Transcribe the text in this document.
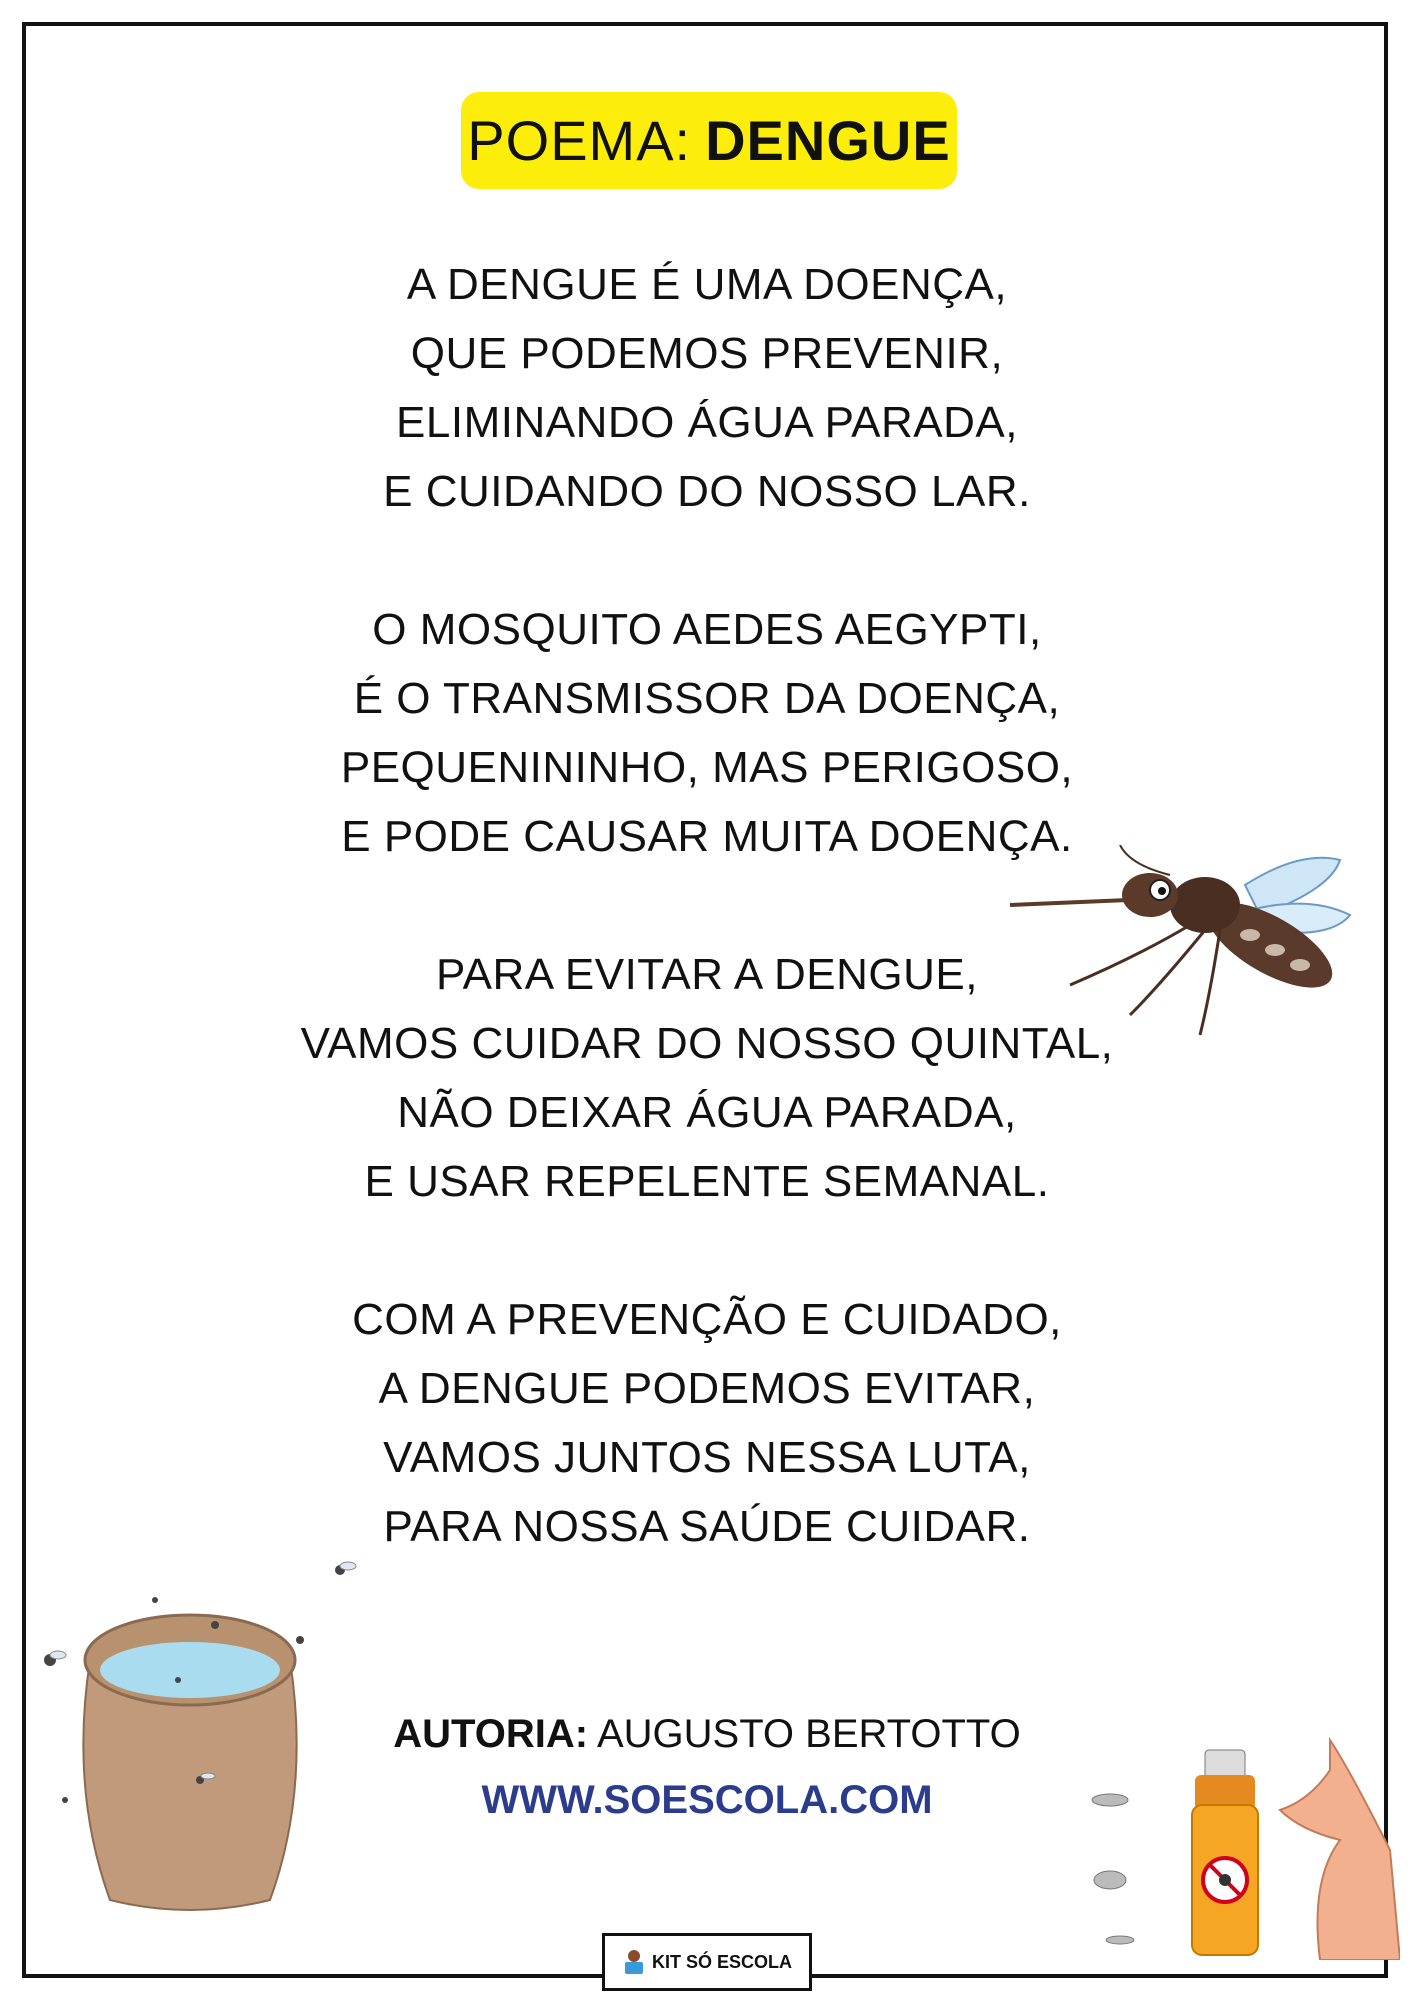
POEMA: DENGUE
A DENGUE É UMA DOENÇA,
QUE PODEMOS PREVENIR,
ELIMINANDO ÁGUA PARADA,
E CUIDANDO DO NOSSO LAR.
O MOSQUITO AEDES AEGYPTI,
É O TRANSMISSOR DA DOENÇA,
PEQUENININHO, MAS PERIGOSO,
E PODE CAUSAR MUITA DOENÇA.
PARA EVITAR A DENGUE,
VAMOS CUIDAR DO NOSSO QUINTAL,
NÃO DEIXAR ÁGUA PARADA,
E USAR REPELENTE SEMANAL.
COM A PREVENÇÃO E CUIDADO,
A DENGUE PODEMOS EVITAR,
VAMOS JUNTOS NESSA LUTA,
PARA NOSSA SAÚDE CUIDAR.
AUTORIA: AUGUSTO BERTOTTO
WWW.SOESCOLA.COM
KIT SÓ ESCOLA
